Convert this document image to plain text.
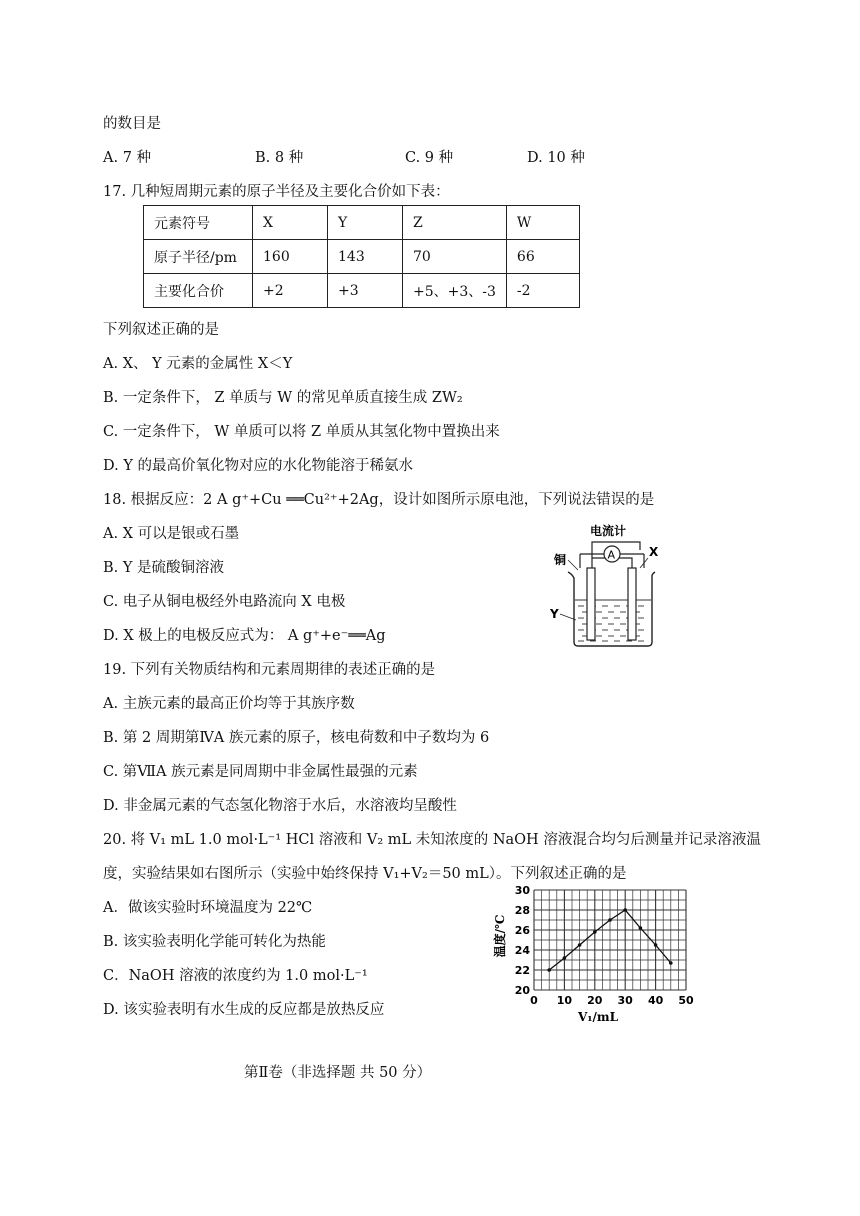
的数目是
A. 7 种	B. 8 种	C. 9 种	D. 10 种
17. 几种短周期元素的原子半径及主要化合价如下表：
元素符号	X	Y	Z	W
原子半径/pm	160	143	70	66
主要化合价	+2	+3	+5、+3、-3	-2
下列叙述正确的是
A. X、 Y 元素的金属性 X＜Y
B. 一定条件下， Z 单质与 W 的常见单质直接生成 ZW₂
C. 一定条件下， W 单质可以将 Z 单质从其氢化物中置换出来
D. Y 的最高价氧化物对应的水化物能溶于稀氨水
18. 根据反应：2 A g⁺+Cu ══Cu²⁺+2Ag，设计如图所示原电池，下列说法错误的是
A. X 可以是银或石墨
B. Y 是硫酸铜溶液
C. 电子从铜电极经外电路流向 X 电极
D. X 极上的电极反应式为： A g⁺+e⁻══Ag
电流计
A
铜
X
Y
19. 下列有关物质结构和元素周期律的表述正确的是
A. 主族元素的最高正价均等于其族序数
B. 第 2 周期第ⅣA 族元素的原子，核电荷数和中子数均为 6
C. 第ⅦA 族元素是同周期中非金属性最强的元素
D. 非金属元素的气态氢化物溶于水后，水溶液均呈酸性
20. 将 V₁ mL 1.0 mol·L⁻¹ HCl 溶液和 V₂ mL 未知浓度的 NaOH 溶液混合均匀后测量并记录溶液温
度，实验结果如右图所示（实验中始终保持 V₁+V₂＝50 mL）。下列叙述正确的是
A．做该实验时环境温度为 22℃
B. 该实验表明化学能可转化为热能
C．NaOH 溶液的浓度约为 1.0 mol·L⁻¹
D. 该实验表明有水生成的反应都是放热反应
0 10 20 30 40 50
20
22
24
26
28
30
温度/℃
V₁/mL
第Ⅱ卷（非选择题 共 50 分）
